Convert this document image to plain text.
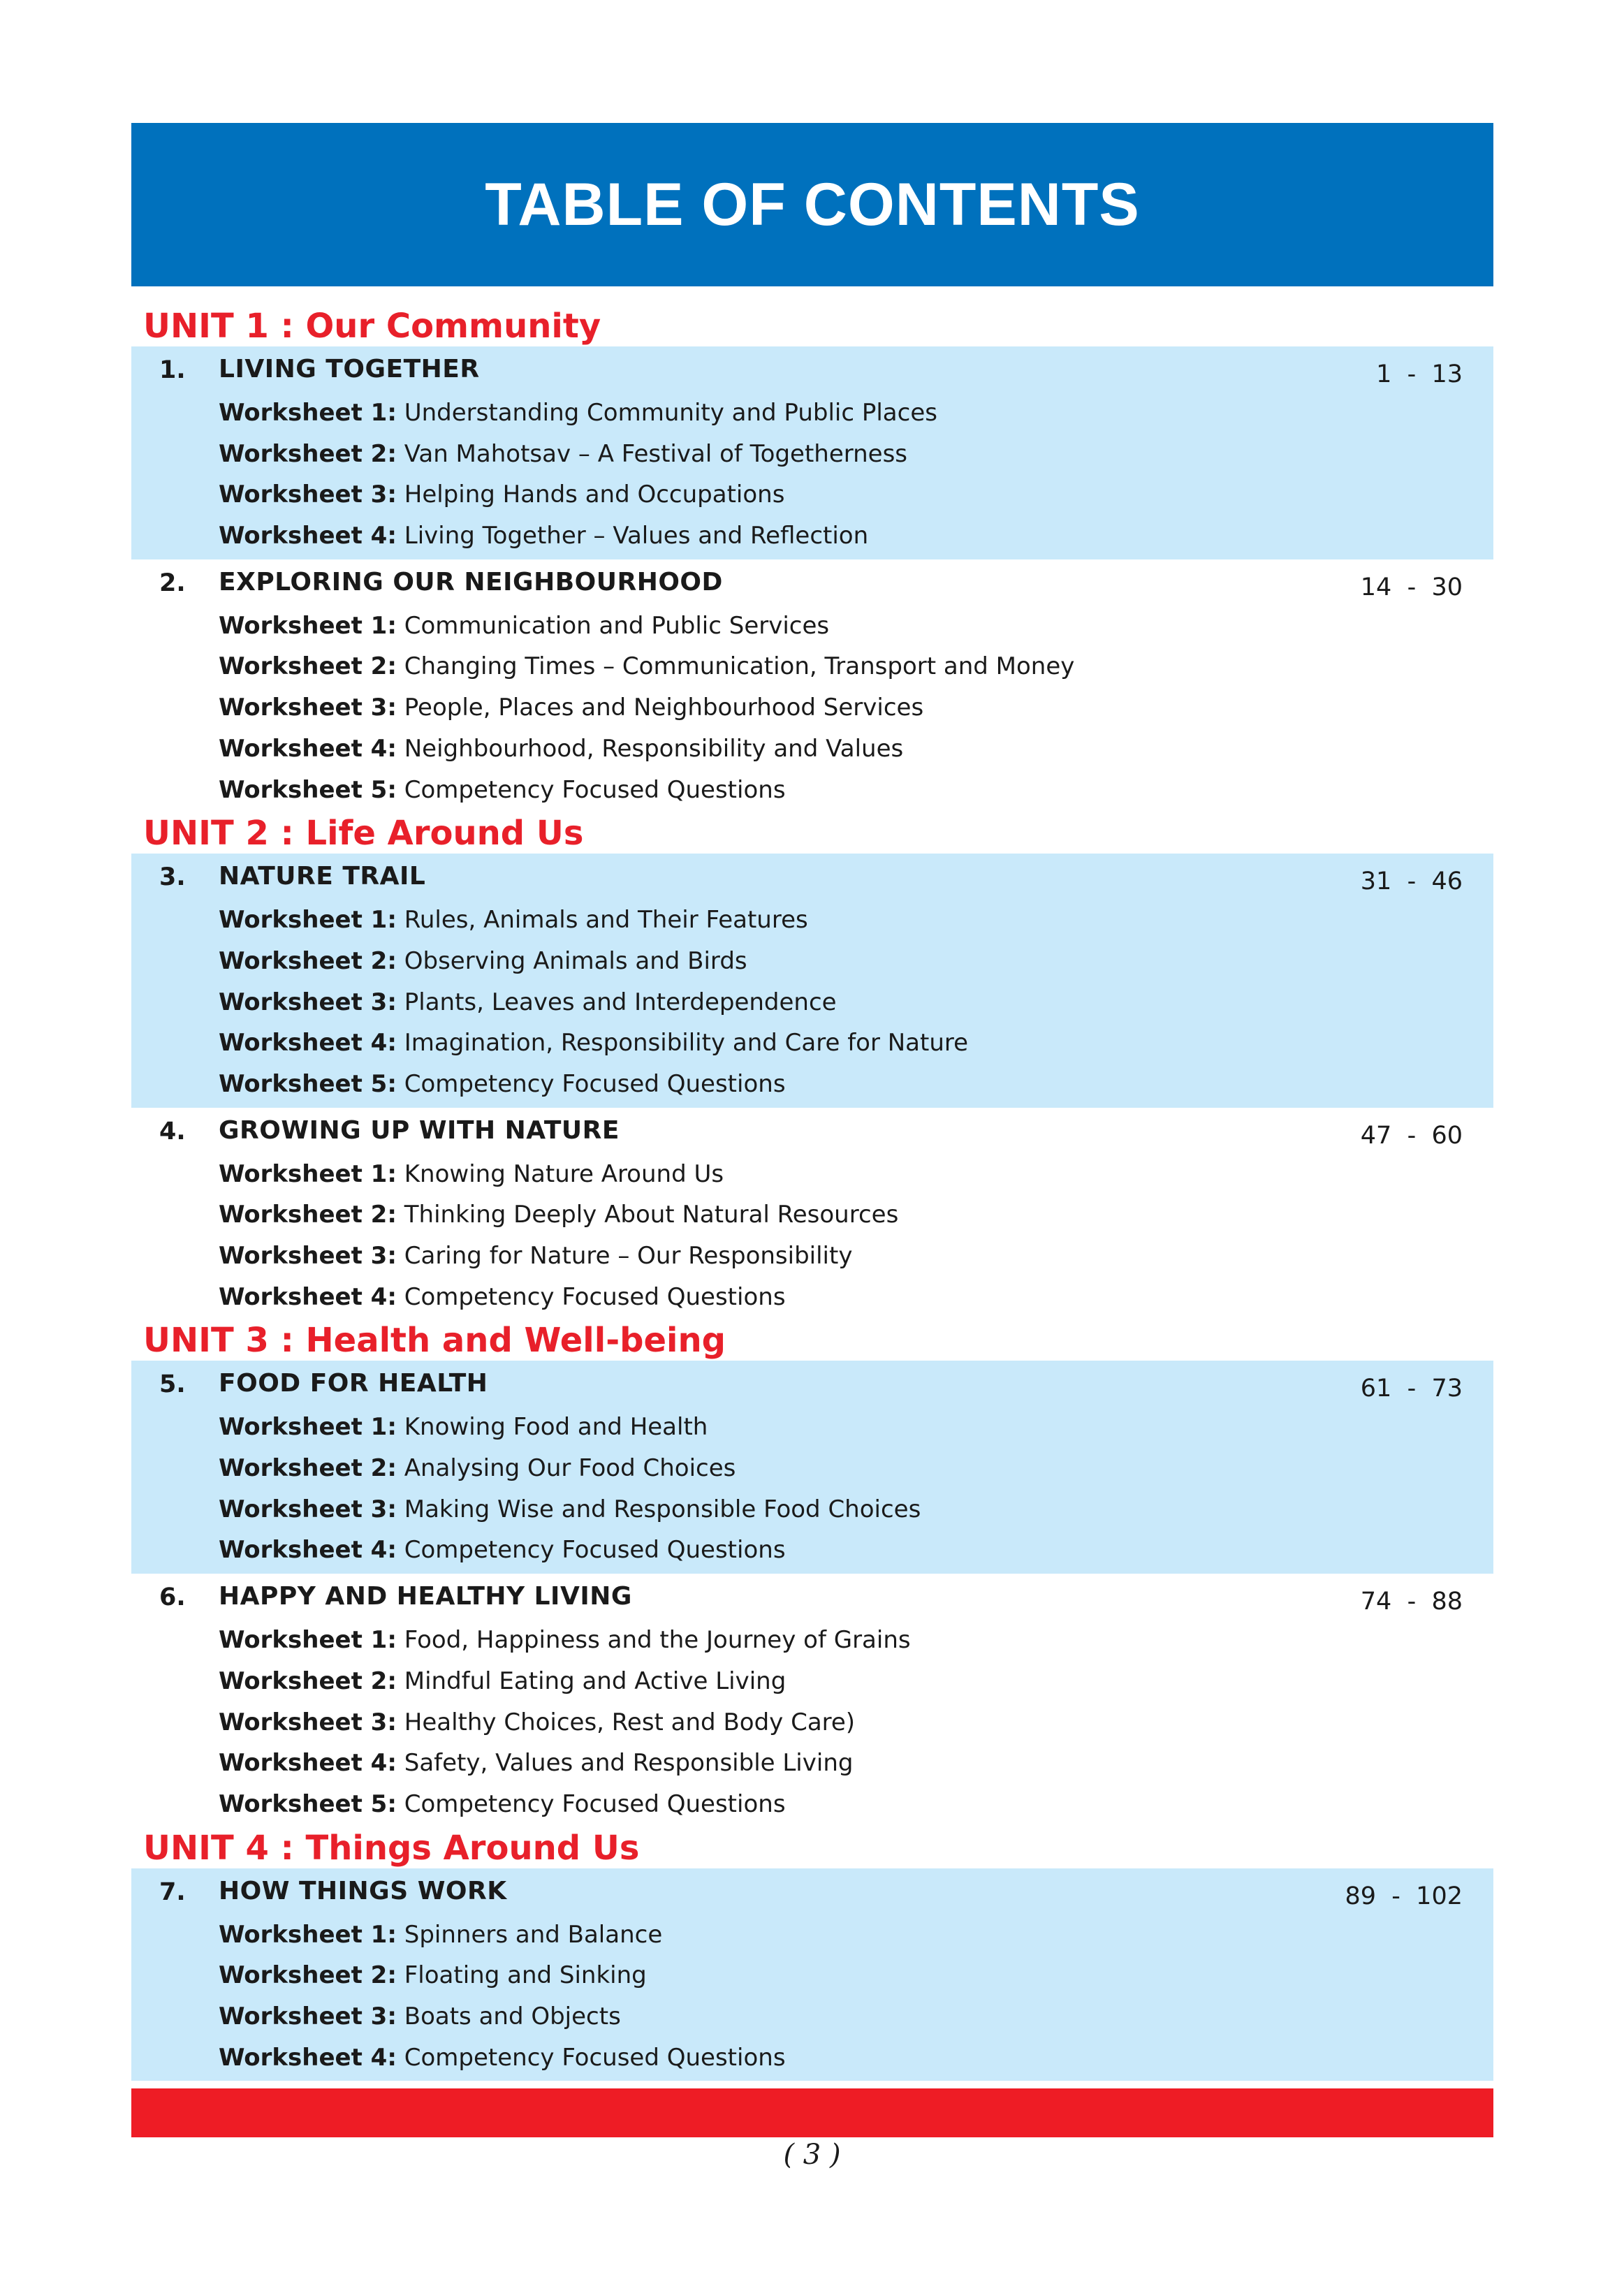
TABLE OF CONTENTS
UNIT 1 : Our Community
1. LIVING TOGETHER	1  -  13
Worksheet 1: Understanding Community and Public Places
Worksheet 2: Van Mahotsav – A Festival of Togetherness
Worksheet 3: Helping Hands and Occupations
Worksheet 4: Living Together – Values and Reflection
2. EXPLORING OUR NEIGHBOURHOOD	14  -  30
Worksheet 1: Communication and Public Services
Worksheet 2: Changing Times – Communication, Transport and Money
Worksheet 3: People, Places and Neighbourhood Services
Worksheet 4: Neighbourhood, Responsibility and Values
Worksheet 5: Competency Focused Questions
UNIT 2 : Life Around Us
3. NATURE TRAIL	31  -  46
Worksheet 1: Rules, Animals and Their Features
Worksheet 2: Observing Animals and Birds
Worksheet 3: Plants, Leaves and Interdependence
Worksheet 4: Imagination, Responsibility and Care for Nature
Worksheet 5: Competency Focused Questions
4. GROWING UP WITH NATURE	47  -  60
Worksheet 1: Knowing Nature Around Us
Worksheet 2: Thinking Deeply About Natural Resources
Worksheet 3: Caring for Nature – Our Responsibility
Worksheet 4: Competency Focused Questions
UNIT 3 : Health and Well-being
5. FOOD FOR HEALTH	61  -  73
Worksheet 1: Knowing Food and Health
Worksheet 2: Analysing Our Food Choices
Worksheet 3: Making Wise and Responsible Food Choices
Worksheet 4: Competency Focused Questions
6. HAPPY AND HEALTHY LIVING	74  -  88
Worksheet 1: Food, Happiness and the Journey of Grains
Worksheet 2: Mindful Eating and Active Living
Worksheet 3: Healthy Choices, Rest and Body Care)
Worksheet 4: Safety, Values and Responsible Living
Worksheet 5: Competency Focused Questions
UNIT 4 : Things Around Us
7. HOW THINGS WORK	89  -  102
Worksheet 1: Spinners and Balance
Worksheet 2: Floating and Sinking
Worksheet 3: Boats and Objects
Worksheet 4: Competency Focused Questions
( 3 )
